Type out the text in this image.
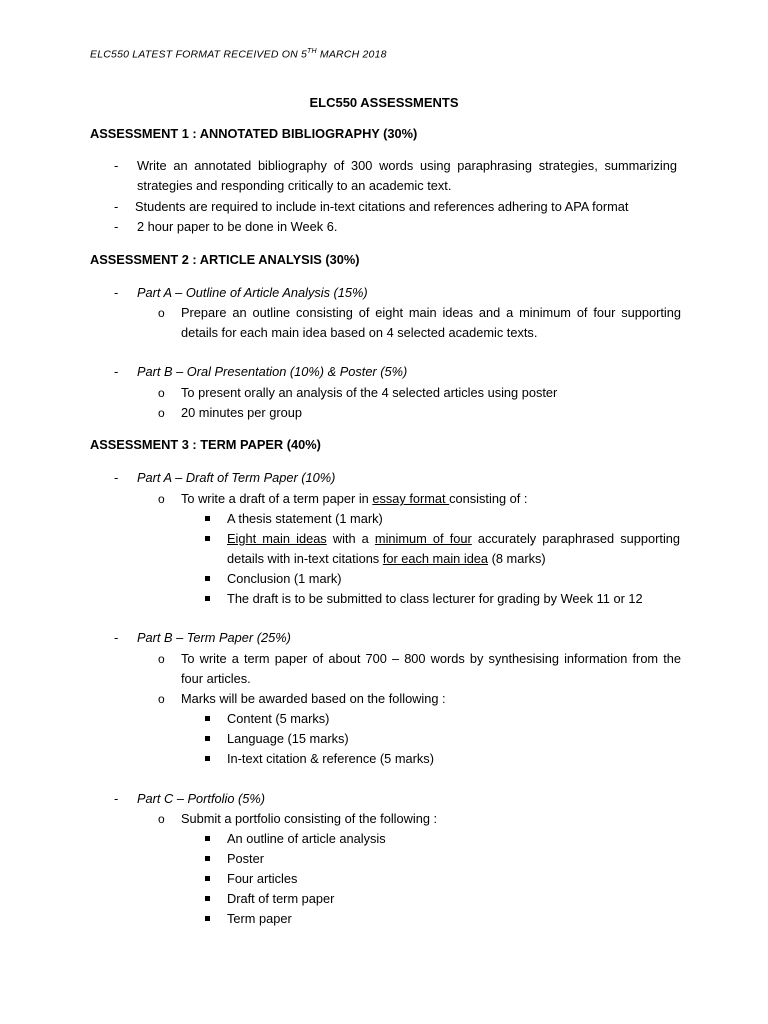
ELC550 LATEST FORMAT RECEIVED ON 5TH MARCH 2018
ELC550 ASSESSMENTS
ASSESSMENT 1 : ANNOTATED BIBLIOGRAPHY (30%)
- Write an annotated bibliography of 300 words using paraphrasing strategies, summarizing
strategies and responding critically to an academic text.
- Students are required to include in-text citations and references adhering to APA format
- 2 hour paper to be done in Week 6.
ASSESSMENT 2 : ARTICLE ANALYSIS (30%)
- Part A – Outline of Article Analysis (15%)
o Prepare an outline consisting of eight main ideas and a minimum of four supporting
details for each main idea based on 4 selected academic texts.
- Part B – Oral Presentation (10%) & Poster (5%)
o To present orally an analysis of the 4 selected articles using poster
o 20 minutes per group
ASSESSMENT 3 : TERM PAPER (40%)
- Part A – Draft of Term Paper (10%)
o To write a draft of a term paper in essay format consisting of :
A thesis statement (1 mark)
Eight main ideas with a minimum of four accurately paraphrased supporting
details with in-text citations for each main idea (8 marks)
Conclusion (1 mark)
The draft is to be submitted to class lecturer for grading by Week 11 or 12
- Part B – Term Paper (25%)
o To write a term paper of about 700 – 800 words by synthesising information from the
four articles.
o Marks will be awarded based on the following :
Content (5 marks)
Language (15 marks)
In-text citation & reference (5 marks)
- Part C – Portfolio (5%)
o Submit a portfolio consisting of the following :
An outline of article analysis
Poster
Four articles
Draft of term paper
Term paper
